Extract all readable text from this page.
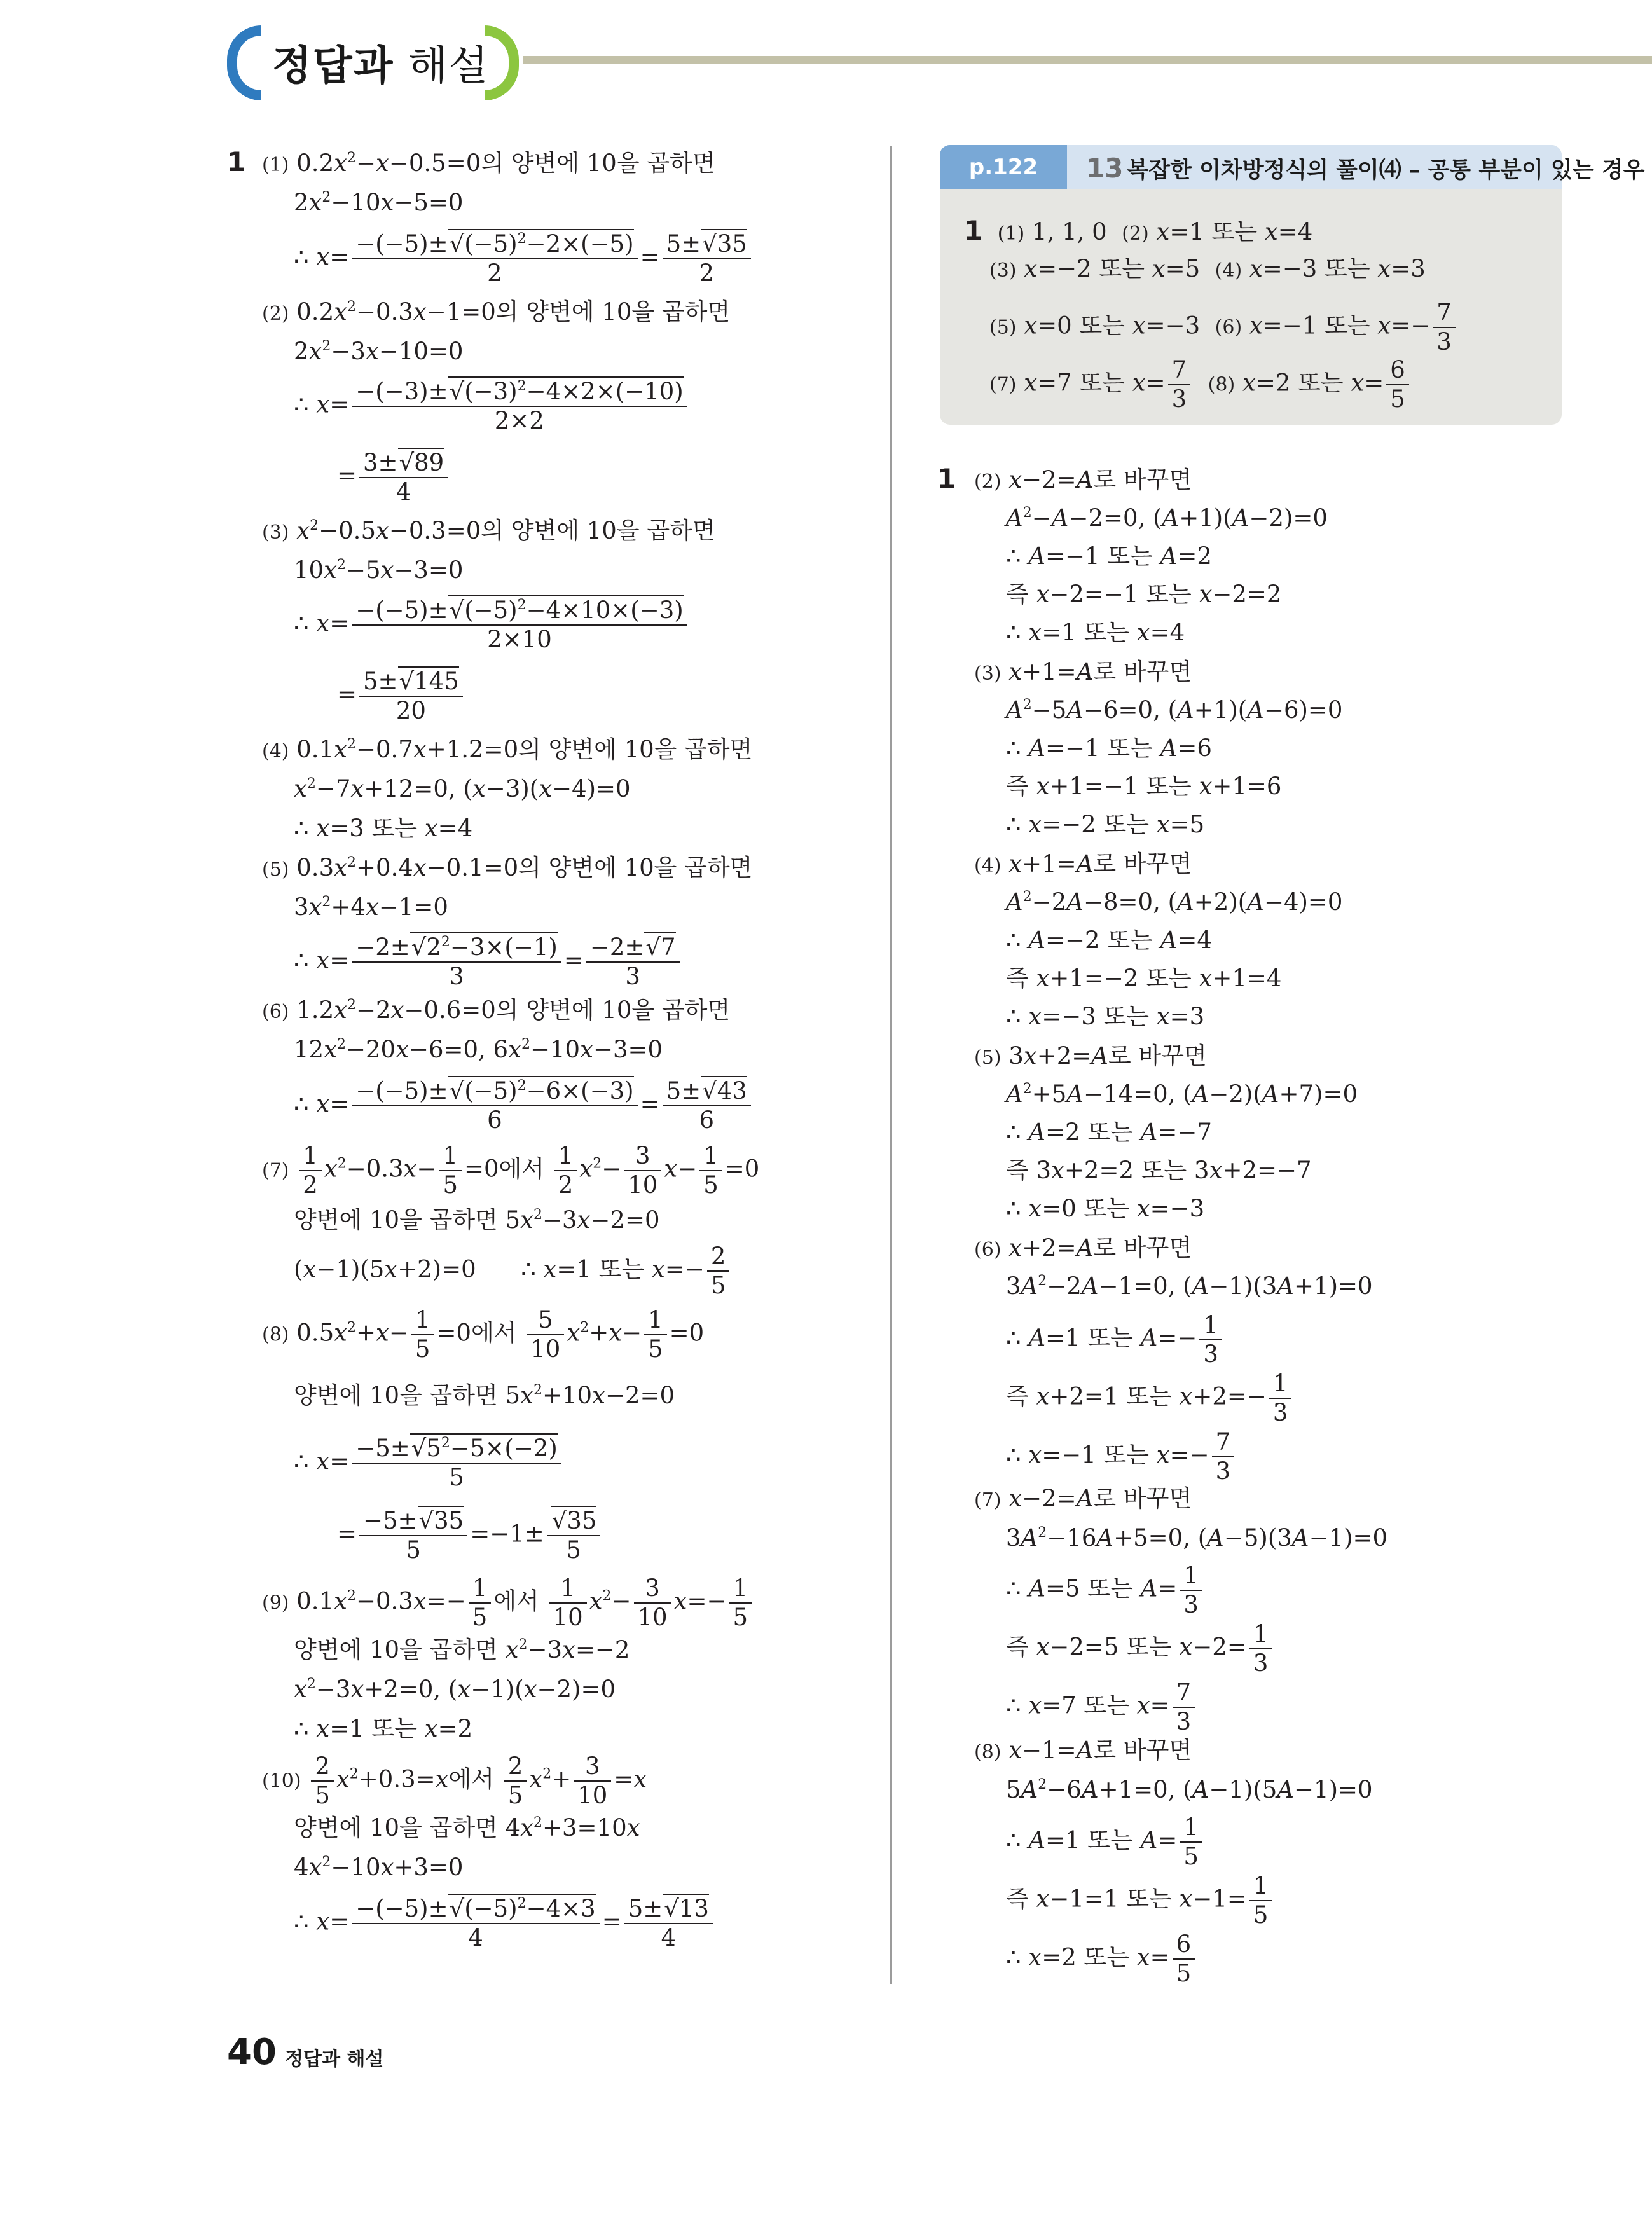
정답과 해설
1 (1) $0.2x^2-x-0.5=0$의 양변에 10을 곱하면
$2x^2-10x-5=0$
∴ $x= \frac{-(-5)\pm√(-5)^2-2\times(-5)}{2} = \frac{5\pm√35}{2}$
(2) $0.2x^2-0.3x-1=0$의 양변에 10을 곱하면
$2x^2-3x-10=0$
∴ $x= \frac{-(-3)\pm√(-3)^2-4\times 2\times(-10)}{2\times 2}$
= $\frac{3\pm√89}{4}$
(3) $x^2-0.5x-0.3=0$의 양변에 10을 곱하면
$10x^2-5x-3=0$
∴ $x= \frac{-(-5)\pm√(-5)^2-4\times 10\times(-3)}{2\times 10}$
= $\frac{5\pm√145}{20}$
(4) $0.1x^2-0.7x+1.2=0$의 양변에 10을 곱하면
$x^2-7x+12=0$, (x−3)(x−4)=0
∴ x=3 또는 x=4
(5) $0.3x^2+0.4x-0.1=0$의 양변에 10을 곱하면
$3x^2+4x-1=0$
∴ $x= \frac{-2\pm√2^2-3\times(-1)}{3} = \frac{-2\pm√7}{3}$
(6) $1.2x^2-2x-0.6=0$의 양변에 10을 곱하면
$12x^2-20x-6=0$, $6x^2-10x-3=0$
∴ $x= \frac{-(-5)\pm√(-5)^2-6\times(-3)}{6} = \frac{5\pm√43}{6}$
$(7) \frac{1}{2} x^2-0.3x- \frac{1}{5} =0$에서 $\frac{1}{2} x^2- \frac{3}{10} x- \frac{1}{5} =0$
양변에 10을 곱하면 $5x^2-3x-2=0$
(x−1)(5x+2)=0      ∴ x=1 또는 $x=- \frac{2}{5}$
(8) $0.5x^2+x- \frac{1}{5} =0$에서 $\frac{5}{10} x^2+x- \frac{1}{5} =0$
양변에 10을 곱하면 $5x^2+10x-2=0$
∴ $x= \frac{-5\pm√5^2-5\times(-2)}{5}$
= $\frac{-5\pm√35}{5} =-1\pm \frac{√35}{5}$
(9) $0.1x^2-0.3x=- \frac{1}{5}$ 에서 $\frac{1}{10} x^2- \frac{3}{10} x=- \frac{1}{5}$
양변에 10을 곱하면 $x^2-3x=-2$
$x^2-3x+2=0$, (x−1)(x−2)=0
∴ x=1 또는 x=2
$(10) \frac{2}{5} x^2+0.3=x$에서 $\frac{2}{5} x^2+ \frac{3}{10} =x$
양변에 10을 곱하면 $4x^2+3=10x$
$4x^2-10x+3=0$
∴ $x= \frac{-(-5)\pm√(-5)^2-4\times 3}{4} = \frac{5\pm√13}{4}$
p.122	13 복잡한 이차방정식의 풀이⑷ – 공통 부분이 있는 경우
1 (1) 1, 1, 0  (2) x=1 또는 x=4
(3) x=−2 또는 x=5  (4) x=−3 또는 x=3
(5) x=0 또는 x=−3  (6) x=−1 또는 $x=- \frac{7}{3}$
(7) x=7 또는 $x= \frac{7}{3} (8)$ x=2 또는 $x= \frac{6}{5}$
1 (2) x−2=A로 바꾸면
$A^2-A-2=0$, (A+1)(A−2)=0
∴ A=−1 또는 A=2
즉 x−2=−1 또는 x−2=2
∴ x=1 또는 x=4
(3) x+1=A로 바꾸면
$A^2-5A-6=0$, (A+1)(A−6)=0
∴ A=−1 또는 A=6
즉 x+1=−1 또는 x+1=6
∴ x=−2 또는 x=5
(4) x+1=A로 바꾸면
$A^2-2A-8=0$, (A+2)(A−4)=0
∴ A=−2 또는 A=4
즉 x+1=−2 또는 x+1=4
∴ x=−3 또는 x=3
(5) 3x+2=A로 바꾸면
$A^2+5A-14=0$, (A−2)(A+7)=0
∴ A=2 또는 A=−7
즉 3x+2=2 또는 3x+2=−7
∴ x=0 또는 x=−3
(6) x+2=A로 바꾸면
$3A^2-2A-1=0$, (A−1)(3A+1)=0
∴ A=1 또는 $A=- \frac{1}{3}$
즉 x+2=1 또는 $x+2=- \frac{1}{3}$
∴ x=−1 또는 $x=- \frac{7}{3}$
(7) x−2=A로 바꾸면
$3A^2-16A+5=0$, (A−5)(3A−1)=0
∴ A=5 또는 $A= \frac{1}{3}$
즉 x−2=5 또는 $x-2= \frac{1}{3}$
∴ x=7 또는 $x= \frac{7}{3}$
(8) x−1=A로 바꾸면
$5A^2-6A+1=0$, (A−1)(5A−1)=0
∴ A=1 또는 $A= \frac{1}{5}$
즉 x−1=1 또는 $x-1= \frac{1}{5}$
∴ x=2 또는 $x= \frac{6}{5}$
40 정답과 해설
